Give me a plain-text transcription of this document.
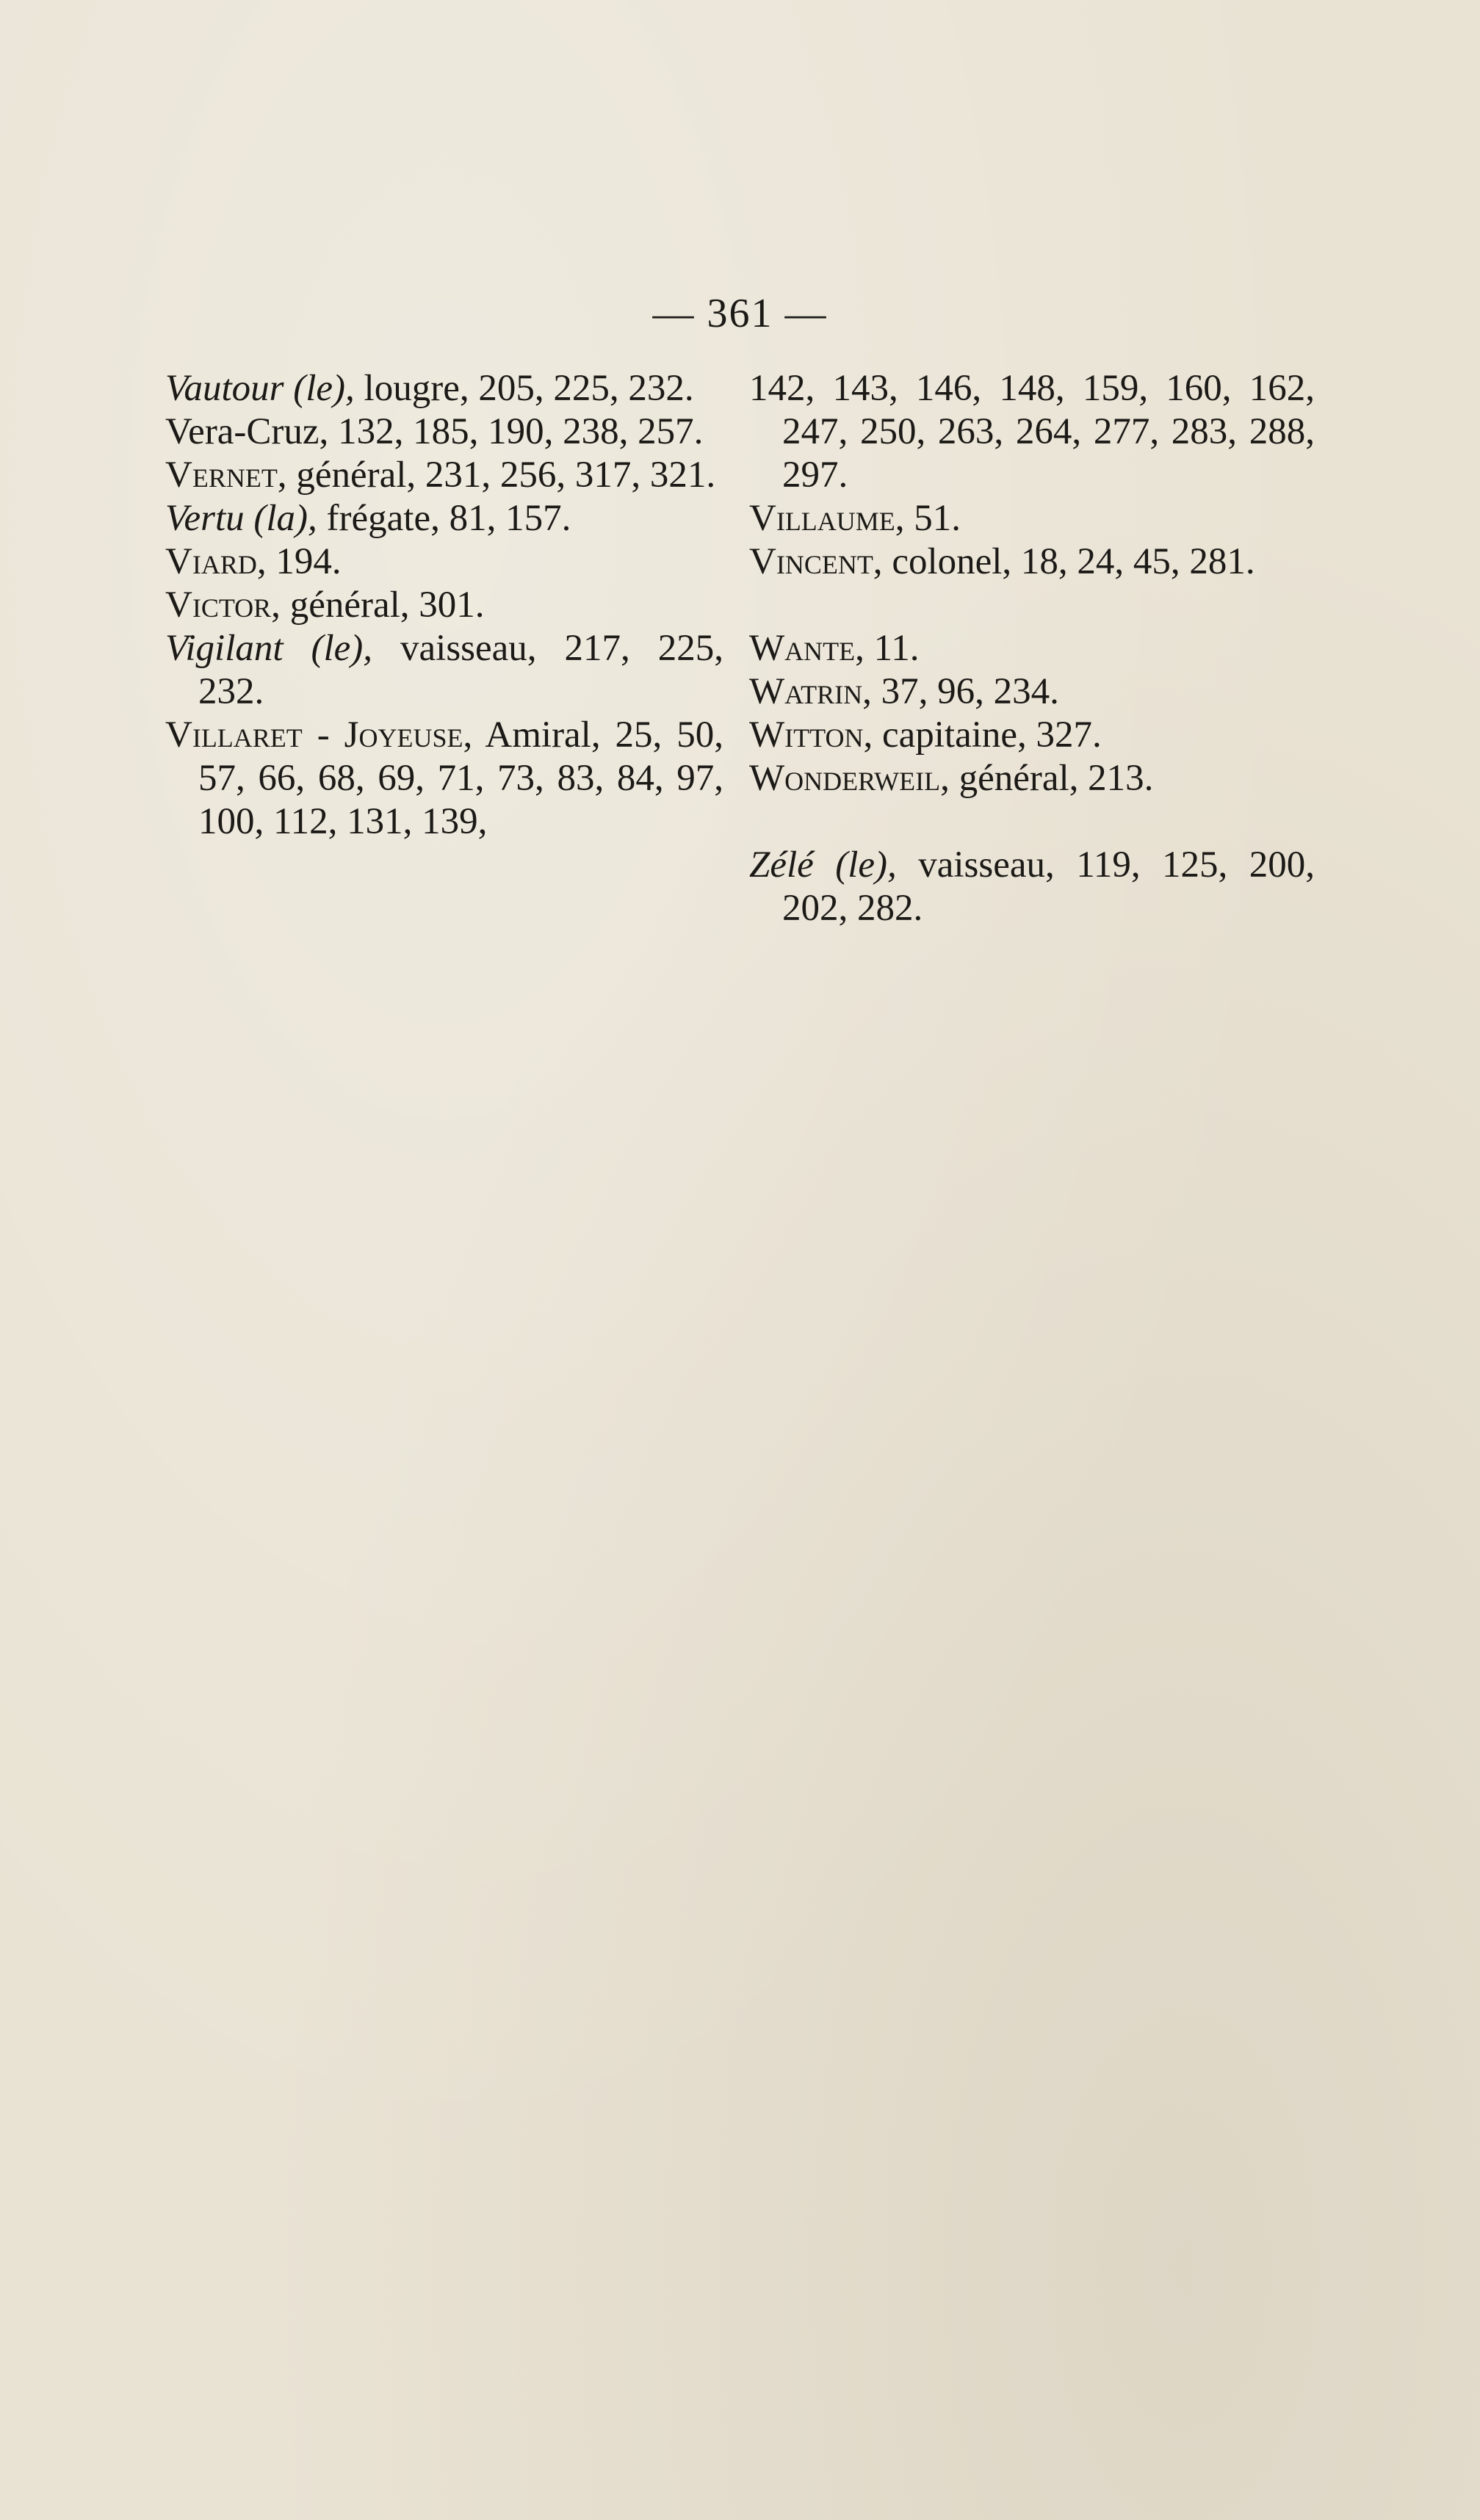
— 361 —

Vautour (le), lougre, 205, 225, 232.

Vera-Cruz, 132, 185, 190, 238, 257.

Vernet, général, 231, 256, 317, 321.

Vertu (la), frégate, 81, 157.

Viard, 194.

Victor, général, 301.

Vigilant (le), vaisseau, 217, 225, 232.

Villaret - Joyeuse, Amiral, 25, 50, 57, 66, 68, 69, 71, 73, 83, 84, 97, 100, 112, 131, 139,

142, 143, 146, 148, 159, 160, 162, 247, 250, 263, 264, 277, 283, 288, 297.

Villaume, 51.

Vincent, colonel, 18, 24, 45, 281.

Wante, 11.

Watrin, 37, 96, 234.

Witton, capitaine, 327.

Wonderweil, général, 213.

Zélé (le), vaisseau, 119, 125, 200, 202, 282.
